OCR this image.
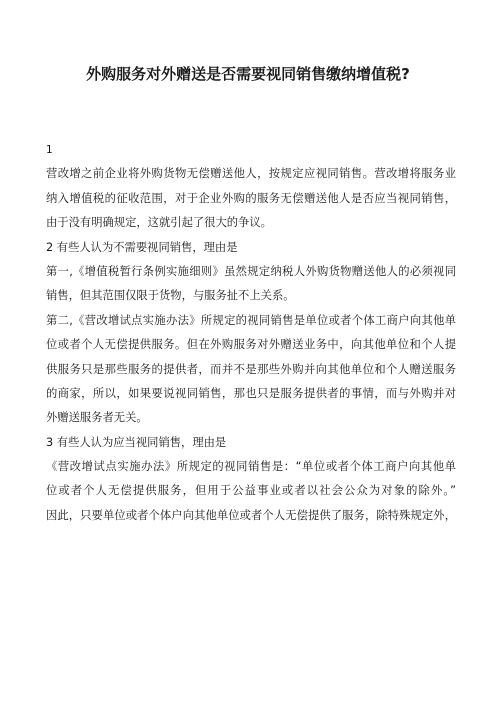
外购服务对外赠送是否需要视同销售缴纳增值税?
1
营改增之前企业将外购货物无偿赠送他人，按规定应视同销售。营改增将服务业
纳入增值税的征收范围，对于企业外购的服务无偿赠送他人是否应当视同销售，
由于没有明确规定，这就引起了很大的争议。
2 有些人认为不需要视同销售，理由是
第一,《增值税暂行条例实施细则》虽然规定纳税人外购货物赠送他人的必须视同
销售，但其范围仅限于货物，与服务扯不上关系。
第二,《营改增试点实施办法》所规定的视同销售是单位或者个体工商户向其他单
位或者个人无偿提供服务。但在外购服务对外赠送业务中，向其他单位和个人提
供服务只是那些服务的提供者，而并不是那些外购并向其他单位和个人赠送服务
的商家，所以，如果要说视同销售，那也只是服务提供者的事情，而与外购并对
外赠送服务者无关。
3 有些人认为应当视同销售，理由是
《营改增试点实施办法》所规定的视同销售是：“单位或者个体工商户向其他单
位或者个人无偿提供服务，但用于公益事业或者以社会公众为对象的除外。”
因此，只要单位或者个体户向其他单位或者个人无偿提供了服务，除特殊规定外，
